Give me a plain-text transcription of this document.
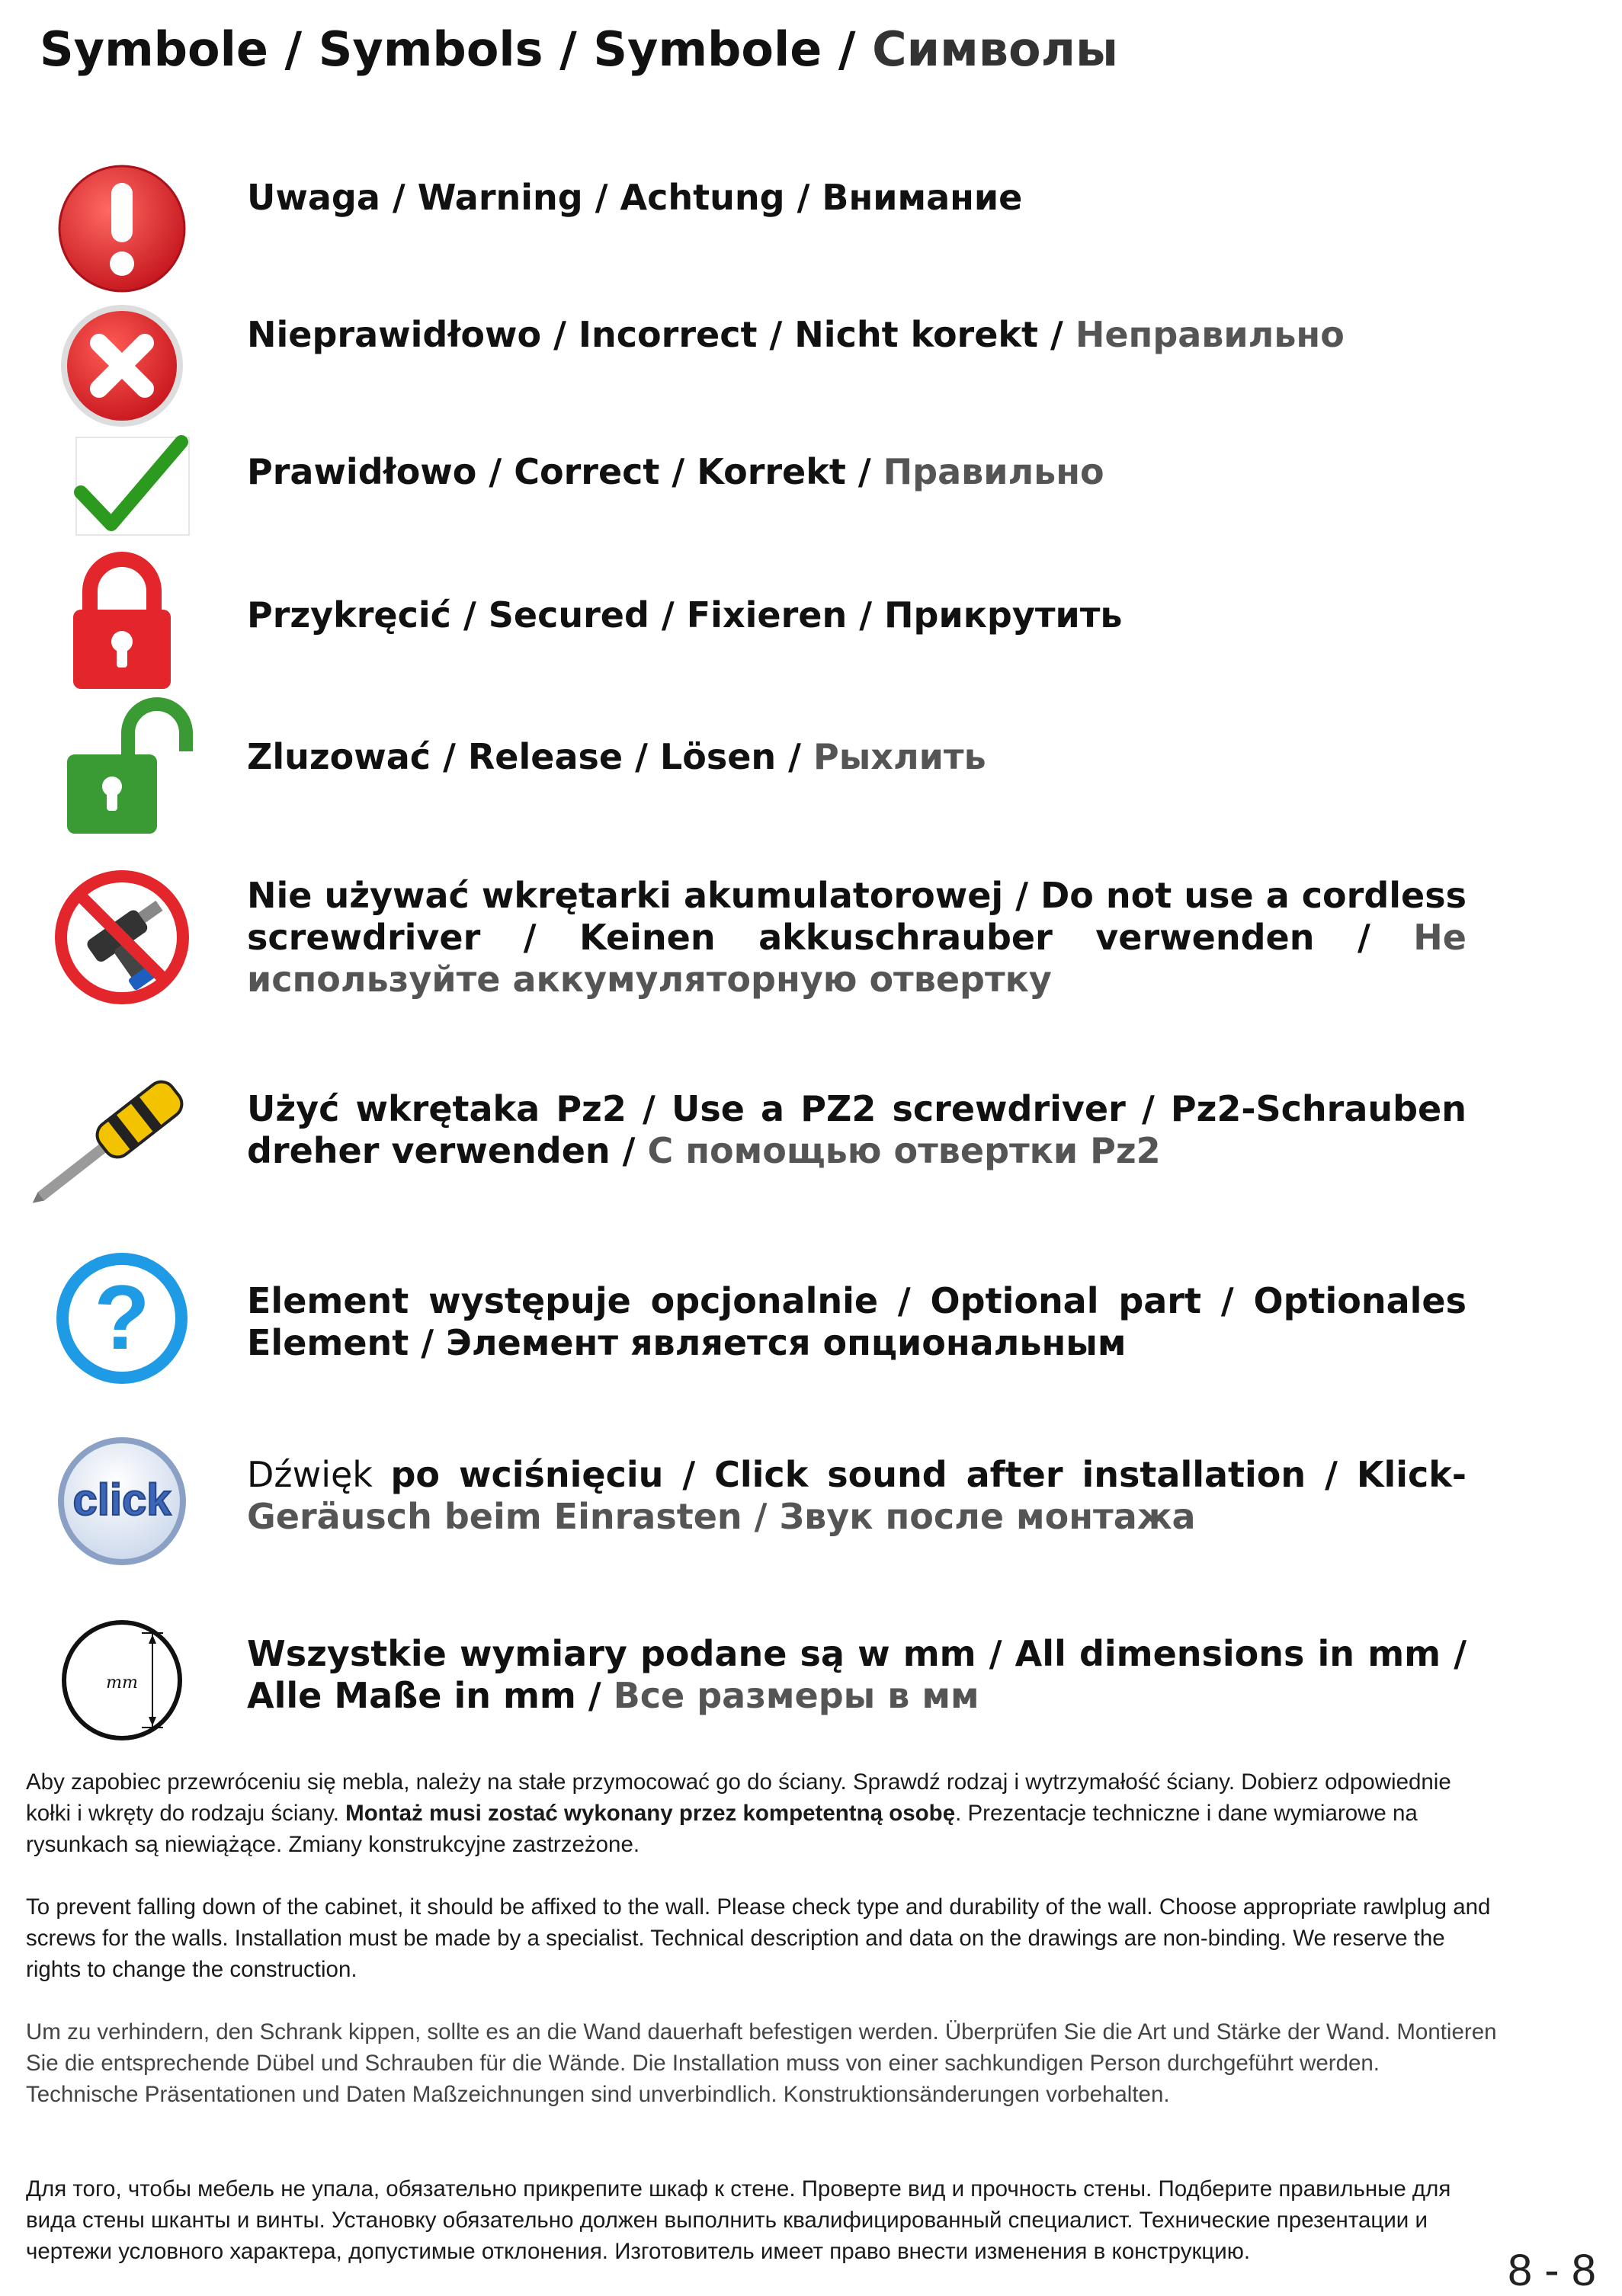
Symbole / Symbols / Symbole / Символы
Uwaga / Warning / Achtung / Внимание
Nieprawidłowo / Incorrect / Nicht korekt / Неправильно
Prawidłowo / Correct / Korrekt / Правильно
Przykręcić / Secured / Fixieren / Прикрутить
Zluzować / Release / Lösen / Рыхлить
Nie używać wkrętarki akumulatorowej / Do not use a cordless screwdriver / Keinen akkuschrauber verwenden / Не используйте аккумуляторную отвертку
Użyć wkrętaka Pz2 / Use a PZ2 screwdriver / Pz2-Schrauben dreher verwenden / С помощью отвертки Pz2
?	Element występuje opcjonalnie / Optional part / Optionales Element / Элемент является опциональным
click
Dźwięk po wciśnięciu / Click sound after installation / Klick-Geräusch beim Einrasten / Звук после монтажа
mm
Wszystkie wymiary podane są w mm / All dimensions in mm / Alle Maße in mm / Все размеры в мм
Aby zapobiec przewróceniu się mebla, należy na stałe przymocować go do ściany. Sprawdź rodzaj i wytrzymałość ściany. Dobierz odpowiednie kołki i wkręty do rodzaju ściany. Montaż musi zostać wykonany przez kompetentną osobę. Prezentacje techniczne i dane wymiarowe na rysunkach są niewiążące. Zmiany konstrukcyjne zastrzeżone.
To prevent falling down of the cabinet, it should be affixed to the wall. Please check type and durability of the wall. Choose appropriate rawlplug and screws for the walls. Installation must be made by a specialist. Technical description and data on the drawings are non-binding. We reserve the rights to change the construction.
Um zu verhindern, den Schrank kippen, sollte es an die Wand dauerhaft befestigen werden. Überprüfen Sie die Art und Stärke der Wand. Montieren Sie die entsprechende Dübel und Schrauben für die Wände. Die Installation muss von einer sachkundigen Person durchgeführt werden.
Technische Präsentationen und Daten Maßzeichnungen sind unverbindlich. Konstruktionsänderungen vorbehalten.
Для того, чтобы мебель не упала, обязательно прикрепите шкаф к стене. Проверте вид и прочность стены. Подберите правильные для вида стены шканты и винты. Установку обязательно должен выполнить квалифицированный специалист. Технические презентации и чертежи условного характера, допустимые отклонения. Изготовитель имеет право внести изменения в конструкцию.	8 - 8
